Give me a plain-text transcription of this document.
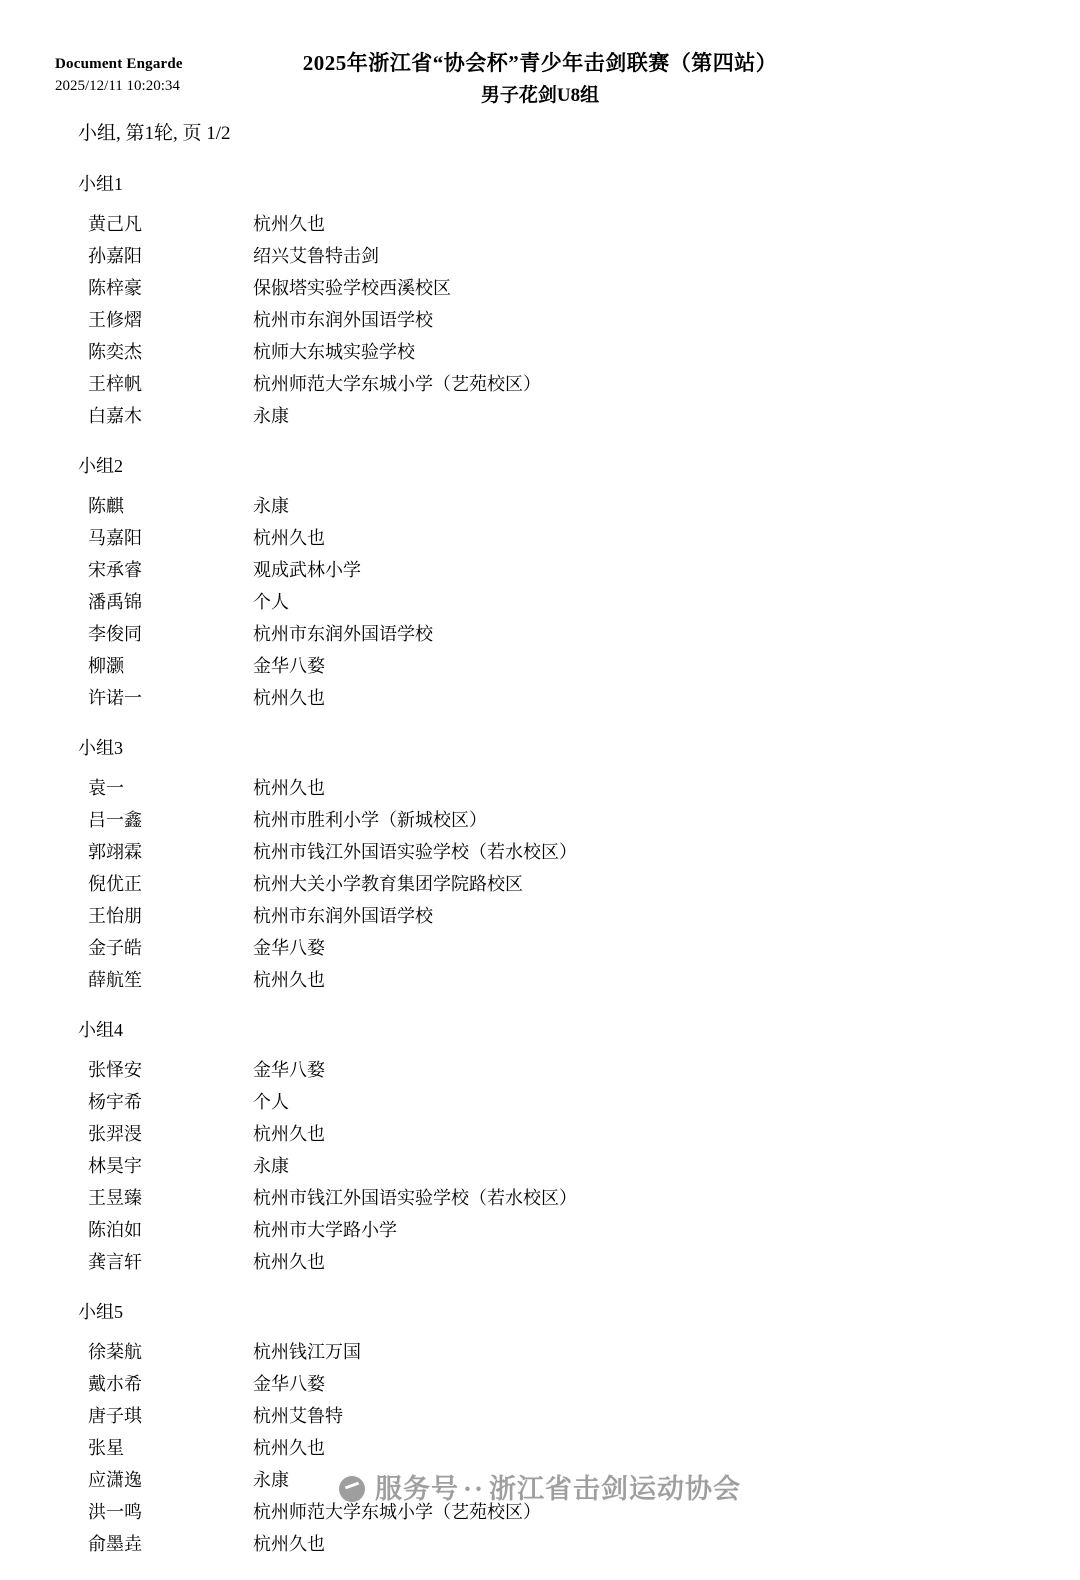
Document Engarde
2025/12/11 10:20:34
2025年浙江省“协会杯”青少年击剑联赛（第四站）
男子花剑U8组
小组, 第1轮, 页 1/2
小组1
黄己凡	杭州久也
孙嘉阳	绍兴艾鲁特击剑
陈梓豪	保俶塔实验学校西溪校区
王修熠	杭州市东润外国语学校
陈奕杰	杭师大东城实验学校
王梓帆	杭州师范大学东城小学（艺苑校区）
白嘉木	永康
小组2
陈麒	永康
马嘉阳	杭州久也
宋承睿	观成武林小学
潘禹锦	个人
李俊同	杭州市东润外国语学校
柳灏	金华八婺
许诺一	杭州久也
小组3
袁一	杭州久也
吕一鑫	杭州市胜利小学（新城校区）
郭翊霖	杭州市钱江外国语实验学校（若水校区）
倪优正	杭州大关小学教育集团学院路校区
王怡朋	杭州市东润外国语学校
金子皓	金华八婺
薛航笙	杭州久也
小组4
张怿安	金华八婺
杨宇希	个人
张羿渂	杭州久也
林昊宇	永康
王昱臻	杭州市钱江外国语实验学校（若水校区）
陈泊如	杭州市大学路小学
龚言轩	杭州久也
小组5
徐棻航	杭州钱江万国
戴朩希	金华八婺
唐子琪	杭州艾鲁特
张星	杭州久也
应潇逸	永康
洪一鸣	杭州师范大学东城小学（艺苑校区）
俞墨垚	杭州久也
服务号 ·· 浙江省击剑运动协会
